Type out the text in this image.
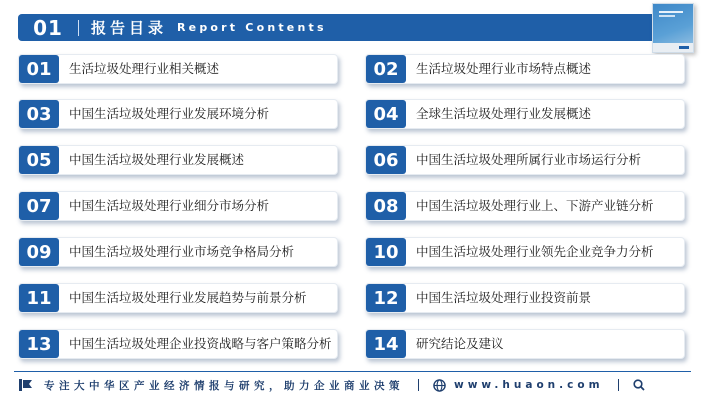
01	报告目录 Report Contents
01	生活垃圾处理行业相关概述
03	中国生活垃圾处理行业发展环境分析
05	中国生活垃圾处理行业发展概述
07	中国生活垃圾处理行业细分市场分析
09	中国生活垃圾处理行业市场竞争格局分析
11	中国生活垃圾处理行业发展趋势与前景分析
13	中国生活垃圾处理企业投资战略与客户策略分析
02	生活垃圾处理行业市场特点概述
04	全球生活垃圾处理行业发展概述
06	中国生活垃圾处理所属行业市场运行分析
08	中国生活垃圾处理行业上、下游产业链分析
10	中国生活垃圾处理行业领先企业竞争力分析
12	中国生活垃圾处理行业投资前景
14	研究结论及建议
专注大中华区产业经济情报与研究，助力企业商业决策	www.huaon.com
